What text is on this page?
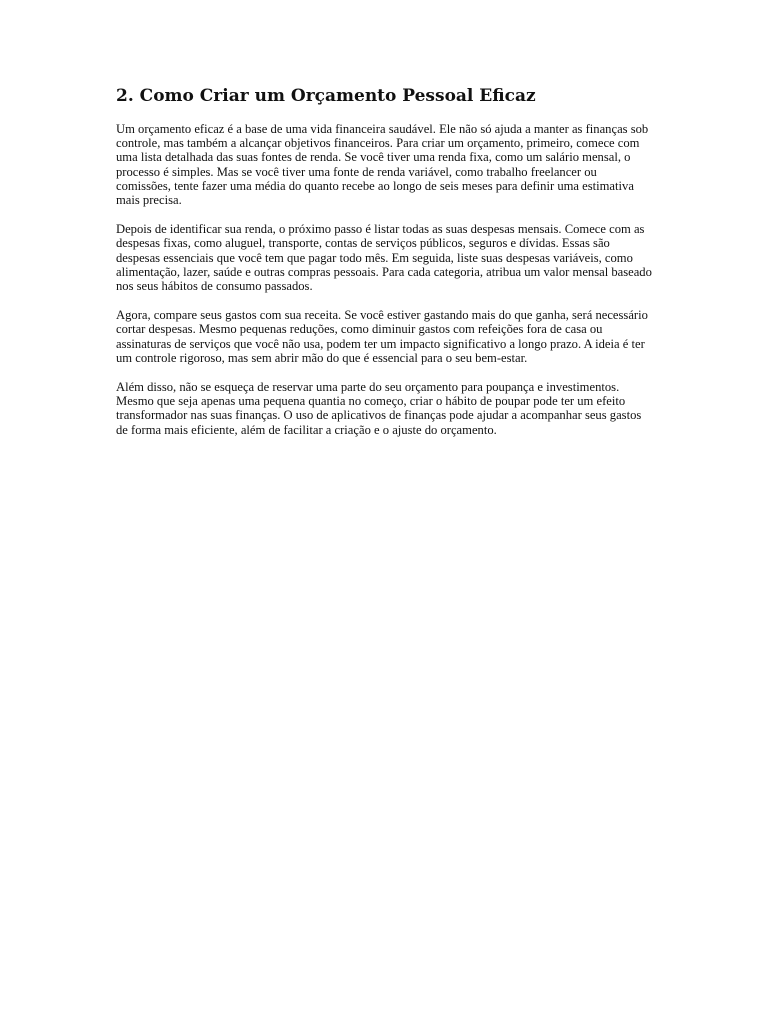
2. Como Criar um Orçamento Pessoal Eficaz

Um orçamento eficaz é a base de uma vida financeira saudável. Ele não só ajuda a manter as finanças sob controle, mas também a alcançar objetivos financeiros. Para criar um orçamento, primeiro, comece com uma lista detalhada das suas fontes de renda. Se você tiver uma renda fixa, como um salário mensal, o processo é simples. Mas se você tiver uma fonte de renda variável, como trabalho freelancer ou comissões, tente fazer uma média do quanto recebe ao longo de seis meses para definir uma estimativa mais precisa.

Depois de identificar sua renda, o próximo passo é listar todas as suas despesas mensais. Comece com as despesas fixas, como aluguel, transporte, contas de serviços públicos, seguros e dívidas. Essas são despesas essenciais que você tem que pagar todo mês. Em seguida, liste suas despesas variáveis, como alimentação, lazer, saúde e outras compras pessoais. Para cada categoria, atribua um valor mensal baseado nos seus hábitos de consumo passados.

Agora, compare seus gastos com sua receita. Se você estiver gastando mais do que ganha, será necessário cortar despesas. Mesmo pequenas reduções, como diminuir gastos com refeições fora de casa ou assinaturas de serviços que você não usa, podem ter um impacto significativo a longo prazo. A ideia é ter um controle rigoroso, mas sem abrir mão do que é essencial para o seu bem-estar.

Além disso, não se esqueça de reservar uma parte do seu orçamento para poupança e investimentos. Mesmo que seja apenas uma pequena quantia no começo, criar o hábito de poupar pode ter um efeito transformador nas suas finanças. O uso de aplicativos de finanças pode ajudar a acompanhar seus gastos de forma mais eficiente, além de facilitar a criação e o ajuste do orçamento.
